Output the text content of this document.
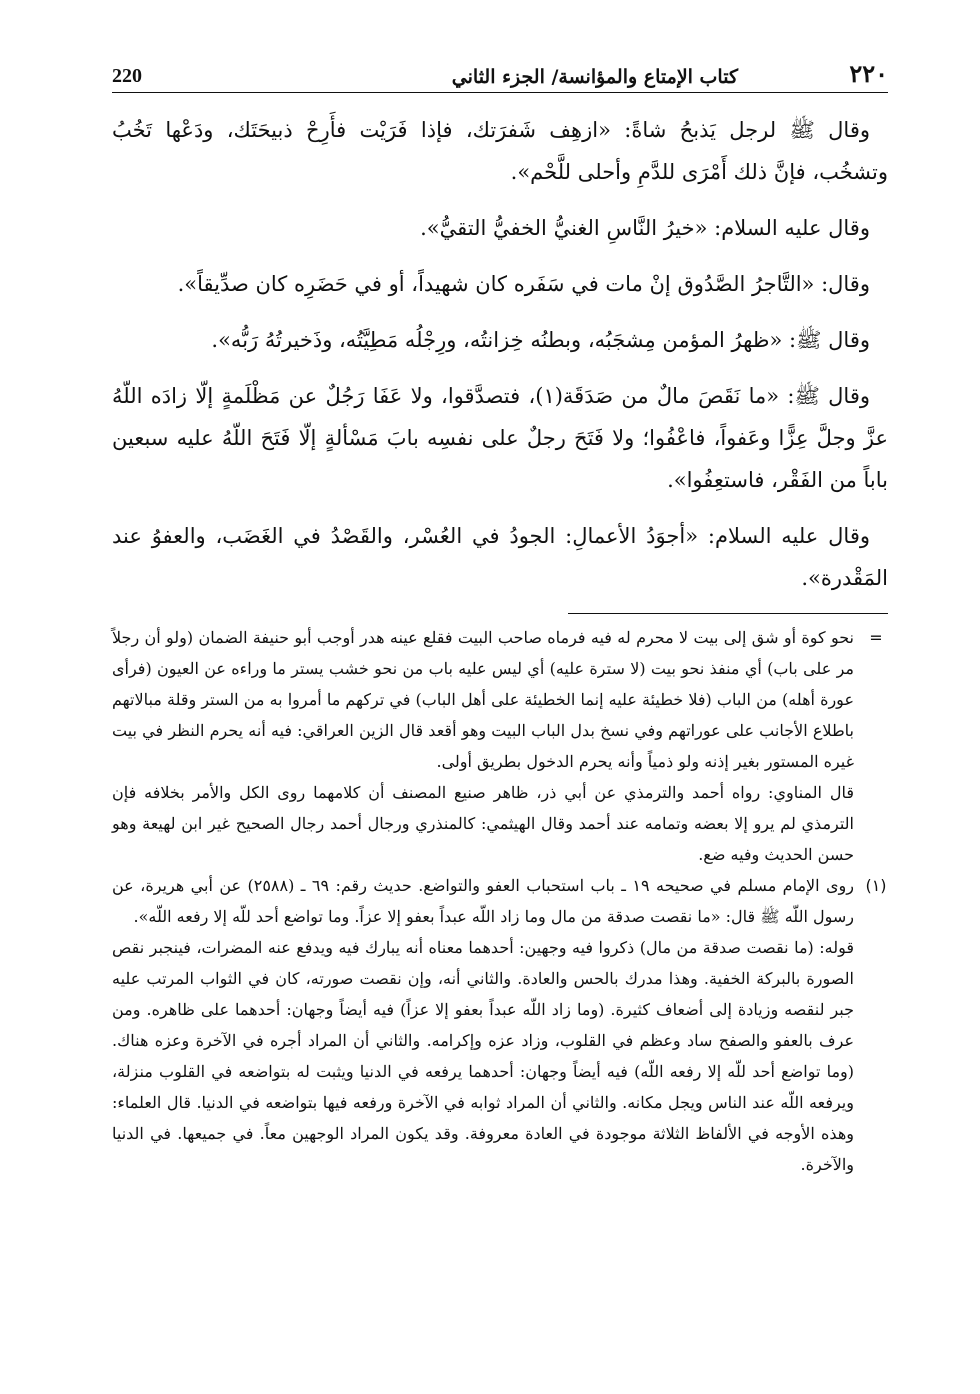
٢٢٠
كتاب الإمتاع والمؤانسة/ الجزء الثاني
220

وقال ﷺ لرجل يَذبحُ شاةً: «ازهِف شَفرَتك، فإذا فَرَيْت فأَرِحْ ذبيحَتَك، ودَعْها تَخُبُ وتشخُب، فإنَّ ذلك أَمْرَى للدَّمِ وأحلى للَّحْم».

وقال عليه السلام: «خيرُ النَّاسِ الغنيُّ الخفيُّ التقيُّ».

وقال: «التَّاجرُ الصَّدُوق إنْ مات في سَفَره كان شهيداً، أو في حَضَرِه كان صدِّيقاً».

وقال ﷺ: «ظهرُ المؤمن مِشجَبُه، وبطنُه خِزانتُه، ورِجْلُه مَطِيَّتُه، وذَخيرتُهُ رَبُّه».

وقال ﷺ: «ما نَقَصَ مالٌ من صَدَقَة(١)، فتصدَّقوا، ولا عَفَا رَجُلٌ عن مَظْلَمةٍ إلّا زادَه اللّهُ عزَّ وجلَّ عِزًّا وعَفواً، فاعْفُوا؛ ولا فَتَحَ رجلٌ على نفسِه بابَ مَسْألةٍ إلّا فَتَحَ اللّهُ عليه سبعين باباً من الفَقْر، فاستعِفُوا».

وقال عليه السلام: «أجوَدُ الأعمالِ: الجودُ في العُسْر، والقَصْدُ في الغَضَب، والعفوُ عند المَقْدرة».

=

نحو كوة أو شق إلى بيت لا محرم له فيه فرماه صاحب البيت فقلع عينه هدر أوجب أبو حنيفة الضمان (ولو أن رجلاً مر على باب) أي منفذ نحو بيت (لا سترة عليه) أي ليس عليه باب من نحو خشب يستر ما وراءه عن العيون (فرأى عورة أهله) من الباب (فلا خطيئة عليه إنما الخطيئة على أهل الباب) في تركهم ما أمروا به من الستر وقلة مبالاتهم باطلاع الأجانب على عوراتهم وفي نسخ بدل الباب البيت وهو أقعد قال الزين العراقي: فيه أنه يحرم النظر في بيت غيره المستور بغير إذنه ولو ذمياً وأنه يحرم الدخول بطريق أولى.

قال المناوي: رواه أحمد والترمذي عن أبي ذر، ظاهر صنيع المصنف أن كلامهما روى الكل والأمر بخلافه فإن الترمذي لم يرو إلا بعضه وتمامه عند أحمد وقال الهيثمي: كالمنذري ورجال أحمد رجال الصحيح غير ابن لهيعة وهو حسن الحديث وفيه ضع.

(١)

روى الإمام مسلم في صحيحه ١٩ ـ باب استحباب العفو والتواضع. حديث رقم: ٦٩ ـ (٢٥٨٨) عن أبي هريرة، عن رسول اللّه ﷺ قال: «ما نقصت صدقة من مال وما زاد اللّه عبداً بعفو إلا عزاً. وما تواضع أحد للّه إلا رفعه اللّه».

قوله: (ما نقصت صدقة من مال) ذكروا فيه وجهين: أحدهما معناه أنه يبارك فيه ويدفع عنه المضرات، فينجبر نقص الصورة بالبركة الخفية. وهذا مدرك بالحس والعادة. والثاني أنه، وإن نقصت صورته، كان في الثواب المرتب عليه جبر لنقصه وزيادة إلى أضعاف كثيرة. (وما زاد اللّه عبداً بعفو إلا عزاً) فيه أيضاً وجهان: أحدهما على ظاهره. ومن عرف بالعفو والصفح ساد وعظم في القلوب، وزاد عزه وإكرامه. والثاني أن المراد أجره في الآخرة وعزه هناك. (وما تواضع أحد للّه إلا رفعه اللّه) فيه أيضاً وجهان: أحدهما يرفعه في الدنيا ويثبت له بتواضعه في القلوب منزلة، ويرفعه اللّه عند الناس ويجل مكانه. والثاني أن المراد ثوابه في الآخرة ورفعه فيها بتواضعه في الدنيا. قال العلماء: وهذه الأوجه في الألفاظ الثلاثة موجودة في العادة معروفة. وقد يكون المراد الوجهين معاً. في جميعها. في الدنيا والآخرة.
